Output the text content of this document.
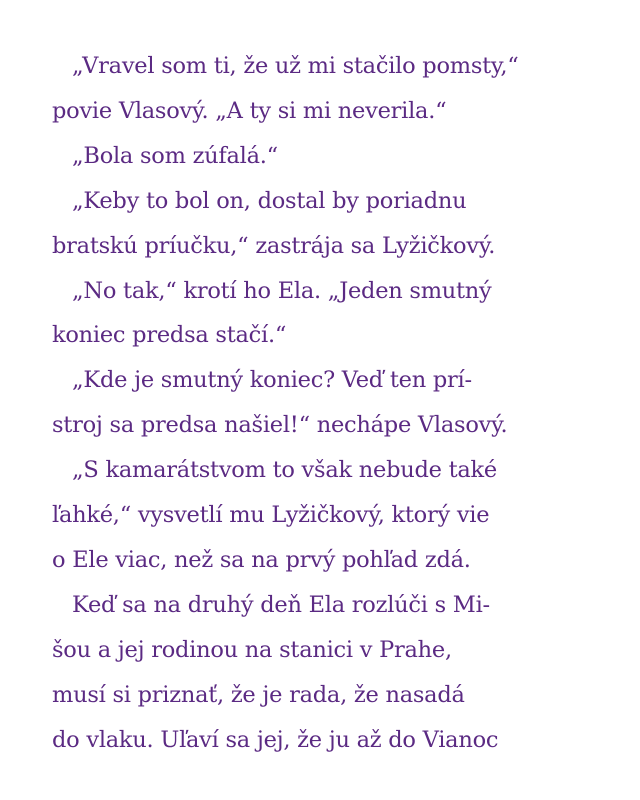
„Vravel som ti, že už mi stačilo pomsty,“
povie Vlasový. „A ty si mi neverila.“
„Bola som zúfalá.“
„Keby to bol on, dostal by poriadnu
bratskú príučku,“ zastrája sa Lyžičkový.
„No tak,“ krotí ho Ela. „Jeden smutný
koniec predsa stačí.“
„Kde je smutný koniec? Veď ten prí-
stroj sa predsa našiel!“ nechápe Vlasový.
„S kamarátstvom to však nebude také
ľahké,“ vysvetlí mu Lyžičkový, ktorý vie
o Ele viac, než sa na prvý pohľad zdá.
Keď sa na druhý deň Ela rozlúči s Mi-
šou a jej rodinou na stanici v Prahe,
musí si priznať, že je rada, že nasadá
do vlaku. Uľaví sa jej, že ju až do Vianoc
